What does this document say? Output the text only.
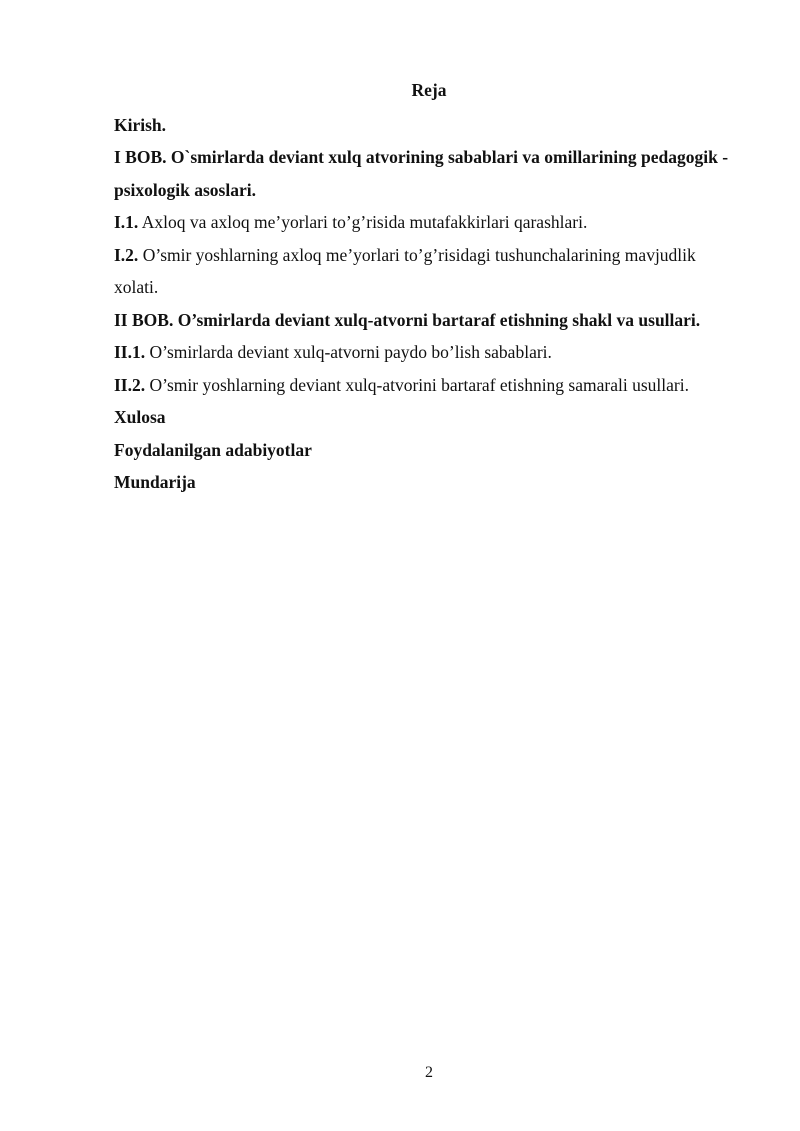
Reja
Kirish.
I BOB. O`smirlarda deviant xulq atvorining sabablari va omillarining pedagogik - psixologik asoslari.
I.1. Axloq va axloq me’yorlari to’g’risida mutafakkirlari qarashlari.
I.2. O’smir yoshlarning axloq me’yorlari to’g’risidagi tushunchalarining mavjudlik xolati.
II BOB. O’smirlarda deviant xulq-atvorni bartaraf etishning shakl va usullari.
II.1. O’smirlarda deviant xulq-atvorni paydo bo’lish sabablari.
II.2. O’smir yoshlarning deviant xulq-atvorini bartaraf etishning samarali usullari.
Xulosa
Foydalanilgan adabiyotlar
Mundarija
2
